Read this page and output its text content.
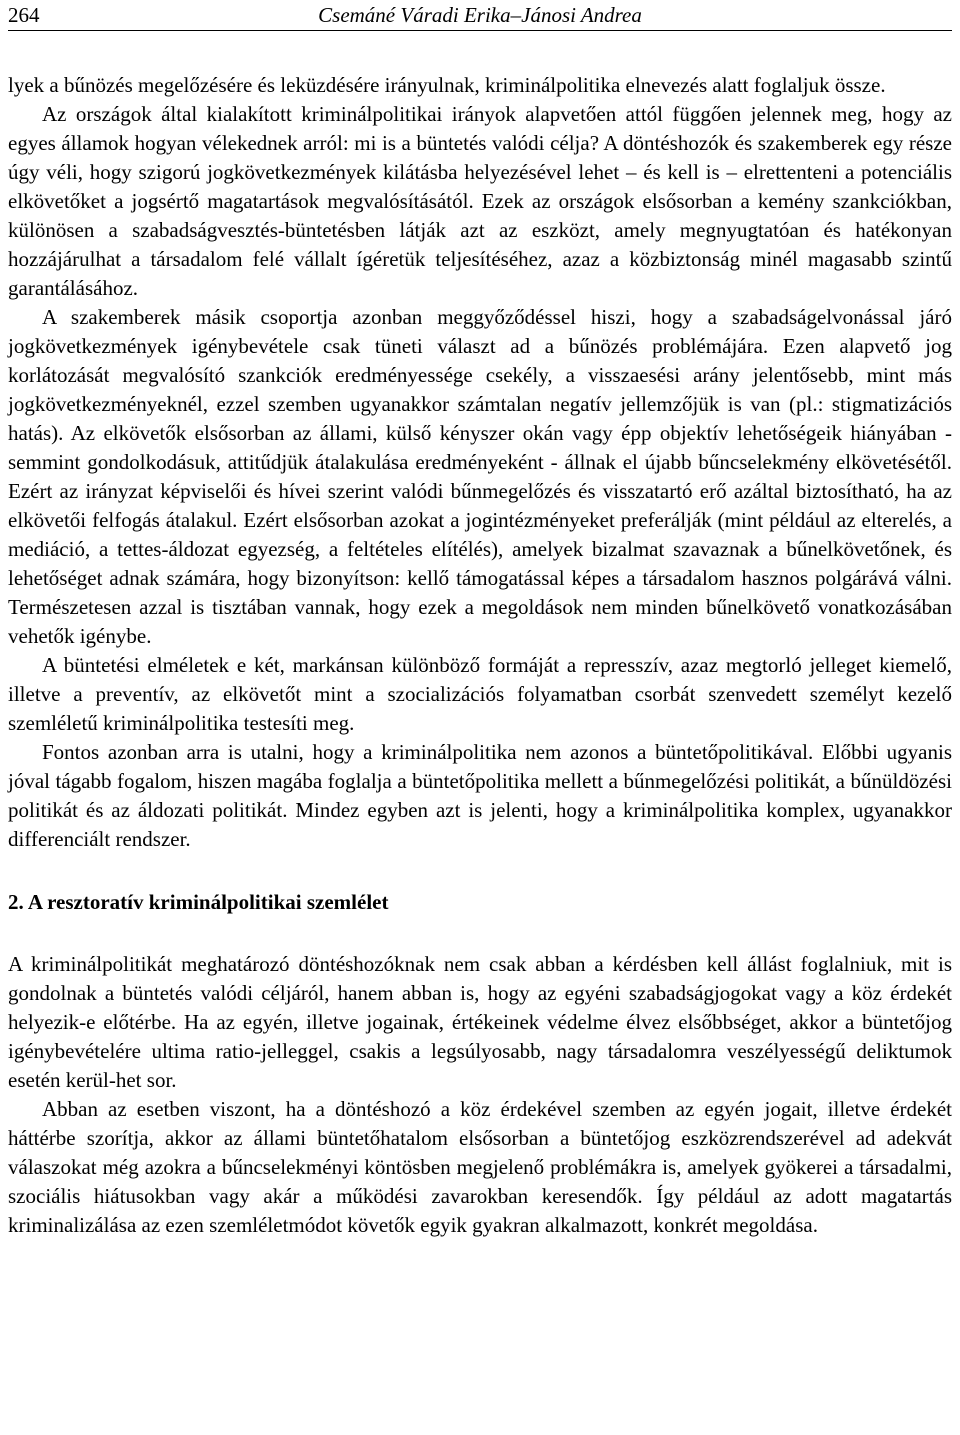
264	Csemáné Váradi Erika–Jánosi Andrea

lyek a bűnözés megelőzésére és leküzdésére irányulnak, kriminálpolitika elnevezés alatt foglaljuk össze.

Az országok által kialakított kriminálpolitikai irányok alapvetően attól függően jelennek meg, hogy az egyes államok hogyan vélekednek arról: mi is a büntetés valódi célja? A döntéshozók és szakemberek egy része úgy véli, hogy szigorú jogkövetkezmények kilátásba helyezésével lehet – és kell is – elrettenteni a potenciális elkövetőket a jogsértő magatartások megvalósításától. Ezek az országok elsősorban a kemény szankciókban, különösen a szabadságvesztés-büntetésben látják azt az eszközt, amely megnyugtatóan és hatékonyan hozzájárulhat a társadalom felé vállalt ígéretük teljesítéséhez, azaz a közbiztonság minél magasabb szintű garantálásához.

A szakemberek másik csoportja azonban meggyőződéssel hiszi, hogy a szabadságelvonással járó jogkövetkezmények igénybevétele csak tüneti választ ad a bűnözés problémájára. Ezen alapvető jog korlátozását megvalósító szankciók eredményessége csekély, a visszaesési arány jelentősebb, mint más jogkövetkezményeknél, ezzel szemben ugyanakkor számtalan negatív jellemzőjük is van (pl.: stigmatizációs hatás). Az elkövetők elsősorban az állami, külső kényszer okán vagy épp objektív lehetőségeik hiányában - semmint gondolkodásuk, attitűdjük átalakulása eredményeként - állnak el újabb bűncselekmény elkövetésétől. Ezért az irányzat képviselői és hívei szerint valódi bűnmegelőzés és visszatartó erő azáltal biztosítható, ha az elkövetői felfogás átalakul. Ezért elsősorban azokat a jogintézményeket preferálják (mint például az elterelés, a mediáció, a tettes-áldozat egyezség, a feltételes elítélés), amelyek bizalmat szavaznak a bűnelkövetőnek, és lehetőséget adnak számára, hogy bizonyítson: kellő támogatással képes a társadalom hasznos polgárává válni. Természetesen azzal is tisztában vannak, hogy ezek a megoldások nem minden bűnelkövető vonatkozásában vehetők igénybe.

A büntetési elméletek e két, markánsan különböző formáját a represszív, azaz megtorló jelleget kiemelő, illetve a preventív, az elkövetőt mint a szocializációs folyamatban csorbát szenvedett személyt kezelő szemléletű kriminálpolitika testesíti meg.

Fontos azonban arra is utalni, hogy a kriminálpolitika nem azonos a büntetőpolitikával. Előbbi ugyanis jóval tágabb fogalom, hiszen magába foglalja a büntetőpolitika mellett a bűnmegelőzési politikát, a bűnüldözési politikát és az áldozati politikát. Mindez egyben azt is jelenti, hogy a kriminálpolitika komplex, ugyanakkor differenciált rendszer.

2. A resztoratív kriminálpolitikai szemlélet

A kriminálpolitikát meghatározó döntéshozóknak nem csak abban a kérdésben kell állást foglalniuk, mit is gondolnak a büntetés valódi céljáról, hanem abban is, hogy az egyéni szabadságjogokat vagy a köz érdekét helyezik-e előtérbe. Ha az egyén, illetve jogainak, értékeinek védelme élvez elsőbbséget, akkor a büntetőjog igénybevételére ultima ratio-jelleggel, csakis a legsúlyosabb, nagy társadalomra veszélyességű deliktumok esetén kerül-het sor.

Abban az esetben viszont, ha a döntéshozó a köz érdekével szemben az egyén jogait, illetve érdekét háttérbe szorítja, akkor az állami büntetőhatalom elsősorban a büntetőjog eszközrendszerével ad adekvát válaszokat még azokra a bűncselekményi köntösben megjelenő problémákra is, amelyek gyökerei a társadalmi, szociális hiátusokban vagy akár a működési zavarokban keresendők. Így például az adott magatartás kriminalizálása az ezen szemléletmódot követők egyik gyakran alkalmazott, konkrét megoldása.
